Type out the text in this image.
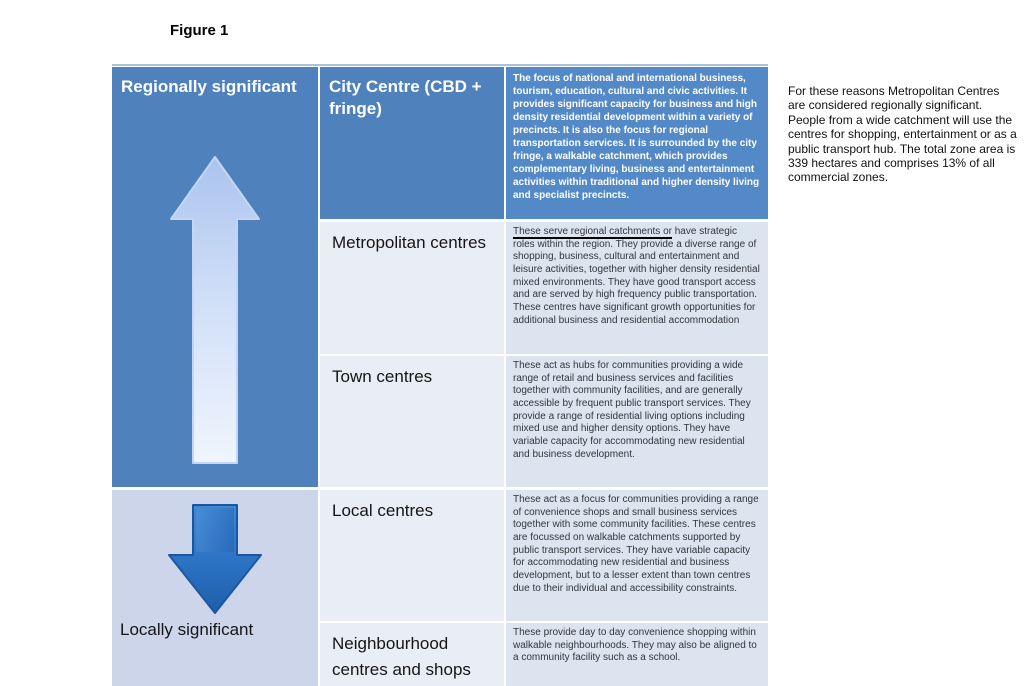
Figure 1
Regionally significant
Locally significant
City Centre (CBD + fringe)
The focus of national and international business, tourism, education, cultural and civic activities. It provides significant capacity for business and high density residential development within a variety of precincts. It is also the focus for regional transportation services. It is surrounded by the city fringe, a walkable catchment, which provides complementary living, business and entertainment activities within traditional and higher density living and specialist precincts.
Metropolitan centres
These serve regional catchments or have strategic roles within the region. They provide a diverse range of shopping, business, cultural and entertainment and leisure activities, together with higher density residential mixed environments. They have good transport access and are served by high frequency public transportation. These centres have significant growth opportunities for additional business and residential accommodation
Town centres
These act as hubs for communities providing a wide range of retail and business services and facilities together with community facilities, and are generally accessible by frequent public transport services. They provide a range of residential living options including mixed use and higher density options. They have variable capacity for accommodating new residential and business development.
Local centres
These act as a focus for communities providing a range of convenience shops and small business services together with some community facilities. These centres are focussed on walkable catchments supported by public transport services. They have variable capacity for accommodating new residential and business development, but to a lesser extent than town centres due to their individual and accessibility constraints.
Neighbourhood centres and shops
These provide day to day convenience shopping within walkable neighbourhoods. They may also be aligned to a community facility such as a school.
For these reasons Metropolitan Centres are considered regionally significant. People from a wide catchment will use the centres for shopping, entertainment or as a public transport hub. The total zone area is 339 hectares and comprises 13% of all commercial zones.
